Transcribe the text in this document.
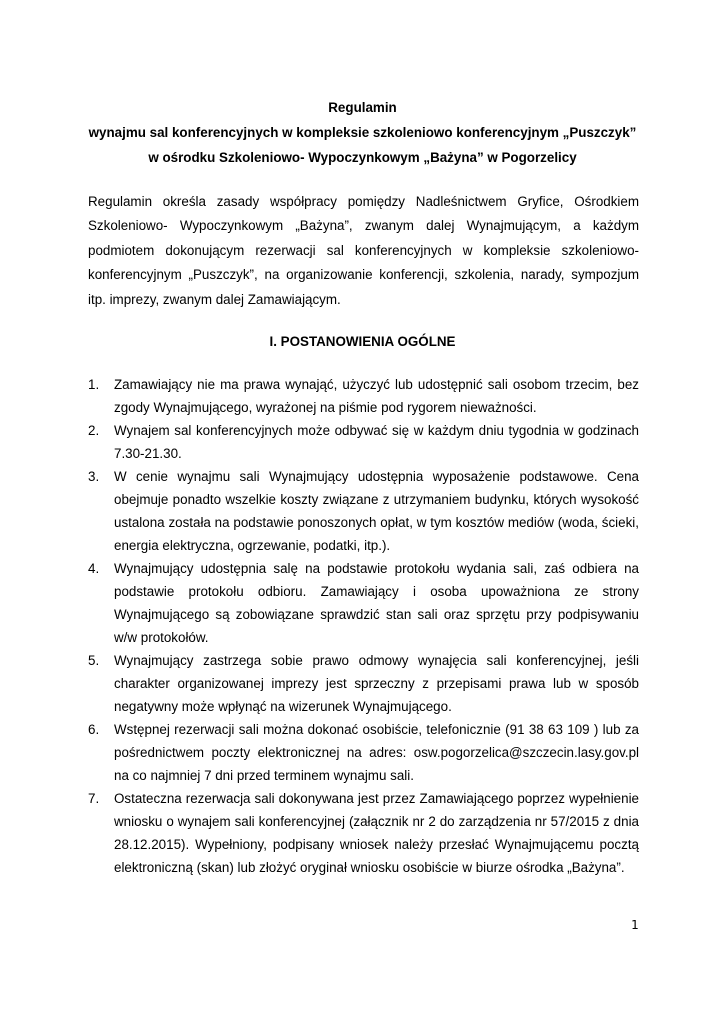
Regulamin
wynajmu sal konferencyjnych w kompleksie szkoleniowo konferencyjnym „Puszczyk”
w ośrodku Szkoleniowo- Wypoczynkowym „Bażyna” w Pogorzelicy

Regulamin określa zasady współpracy pomiędzy Nadleśnictwem Gryfice, Ośrodkiem Szkoleniowo- Wypoczynkowym „Bażyna”, zwanym dalej Wynajmującym, a każdym podmiotem dokonującym rezerwacji sal konferencyjnych w kompleksie szkoleniowo-konferencyjnym „Puszczyk”, na organizowanie konferencji, szkolenia, narady, sympozjum itp. imprezy, zwanym dalej Zamawiającym.

I. POSTANOWIENIA OGÓLNE
1.	Zamawiający nie ma prawa wynająć, użyczyć lub udostępnić sali osobom trzecim, bez zgody Wynajmującego, wyrażonej na piśmie pod rygorem nieważności.
2.	Wynajem sal konferencyjnych może odbywać się w każdym dniu tygodnia w godzinach 7.30-21.30.
3.	W cenie wynajmu sali Wynajmujący udostępnia wyposażenie podstawowe. Cena obejmuje ponadto wszelkie koszty związane z utrzymaniem budynku, których wysokość ustalona została na podstawie ponoszonych opłat, w tym kosztów mediów (woda, ścieki, energia elektryczna, ogrzewanie, podatki, itp.).
4.	Wynajmujący udostępnia salę na podstawie protokołu wydania sali, zaś odbiera na podstawie protokołu odbioru. Zamawiający i osoba upoważniona ze strony Wynajmującego są zobowiązane sprawdzić stan sali oraz sprzętu przy podpisywaniu w/w protokołów.
5.	Wynajmujący zastrzega sobie prawo odmowy wynajęcia sali konferencyjnej, jeśli charakter organizowanej imprezy jest sprzeczny z przepisami prawa lub w sposób negatywny może wpłynąć na wizerunek Wynajmującego.
6.	Wstępnej rezerwacji sali można dokonać osobiście, telefonicznie (91 38 63 109 ) lub za pośrednictwem poczty elektronicznej na adres: osw.pogorzelica@szczecin.lasy.gov.pl na co najmniej 7 dni przed terminem wynajmu sali.
7.	Ostateczna rezerwacja sali dokonywana jest przez Zamawiającego poprzez wypełnienie wniosku o wynajem sali konferencyjnej (załącznik nr 2 do zarządzenia nr 57/2015 z dnia 28.12.2015). Wypełniony, podpisany wniosek należy przesłać Wynajmującemu pocztą elektroniczną (skan) lub złożyć oryginał wniosku osobiście w biurze ośrodka „Bażyna”.
1
